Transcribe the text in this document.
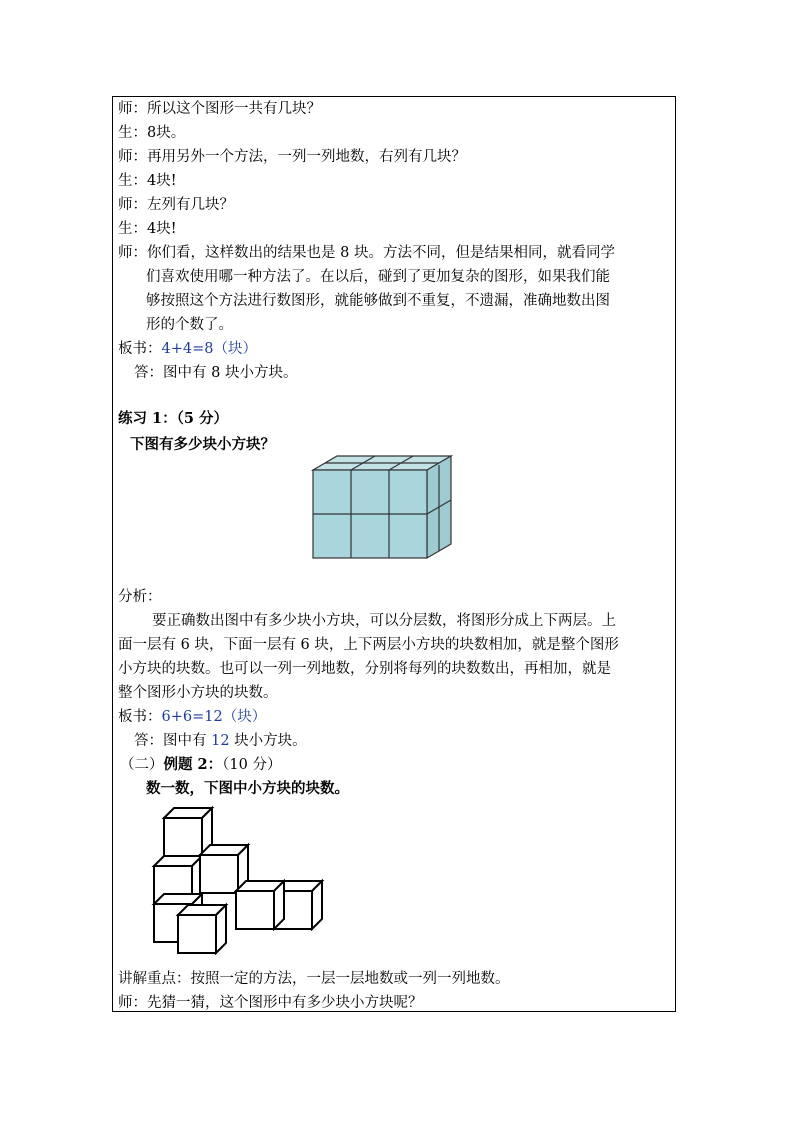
师：所以这个图形一共有几块？
生：8块。
师：再用另外一个方法，一列一列地数，右列有几块？
生：4块!
师：左列有几块？
生：4块!
师：你们看，这样数出的结果也是 8 块。方法不同，但是结果相同，就看同学
们喜欢使用哪一种方法了。在以后，碰到了更加复杂的图形，如果我们能
够按照这个方法进行数图形，就能够做到不重复，不遗漏，准确地数出图
形的个数了。
板书：4+4=8（块）
答：图中有 8 块小方块。
练习 1：（5 分）
下图有多少块小方块？
分析：
要正确数出图中有多少块小方块，可以分层数，将图形分成上下两层。上
面一层有 6 块，下面一层有 6 块，上下两层小方块的块数相加，就是整个图形
小方块的块数。也可以一列一列地数，分别将每列的块数数出，再相加，就是
整个图形小方块的块数。
板书：6+6=12（块）
答：图中有 12 块小方块。
（二）例题 2：（10 分）
数一数，下图中小方块的块数。
讲解重点：按照一定的方法，一层一层地数或一列一列地数。
师：先猜一猜，这个图形中有多少块小方块呢？
